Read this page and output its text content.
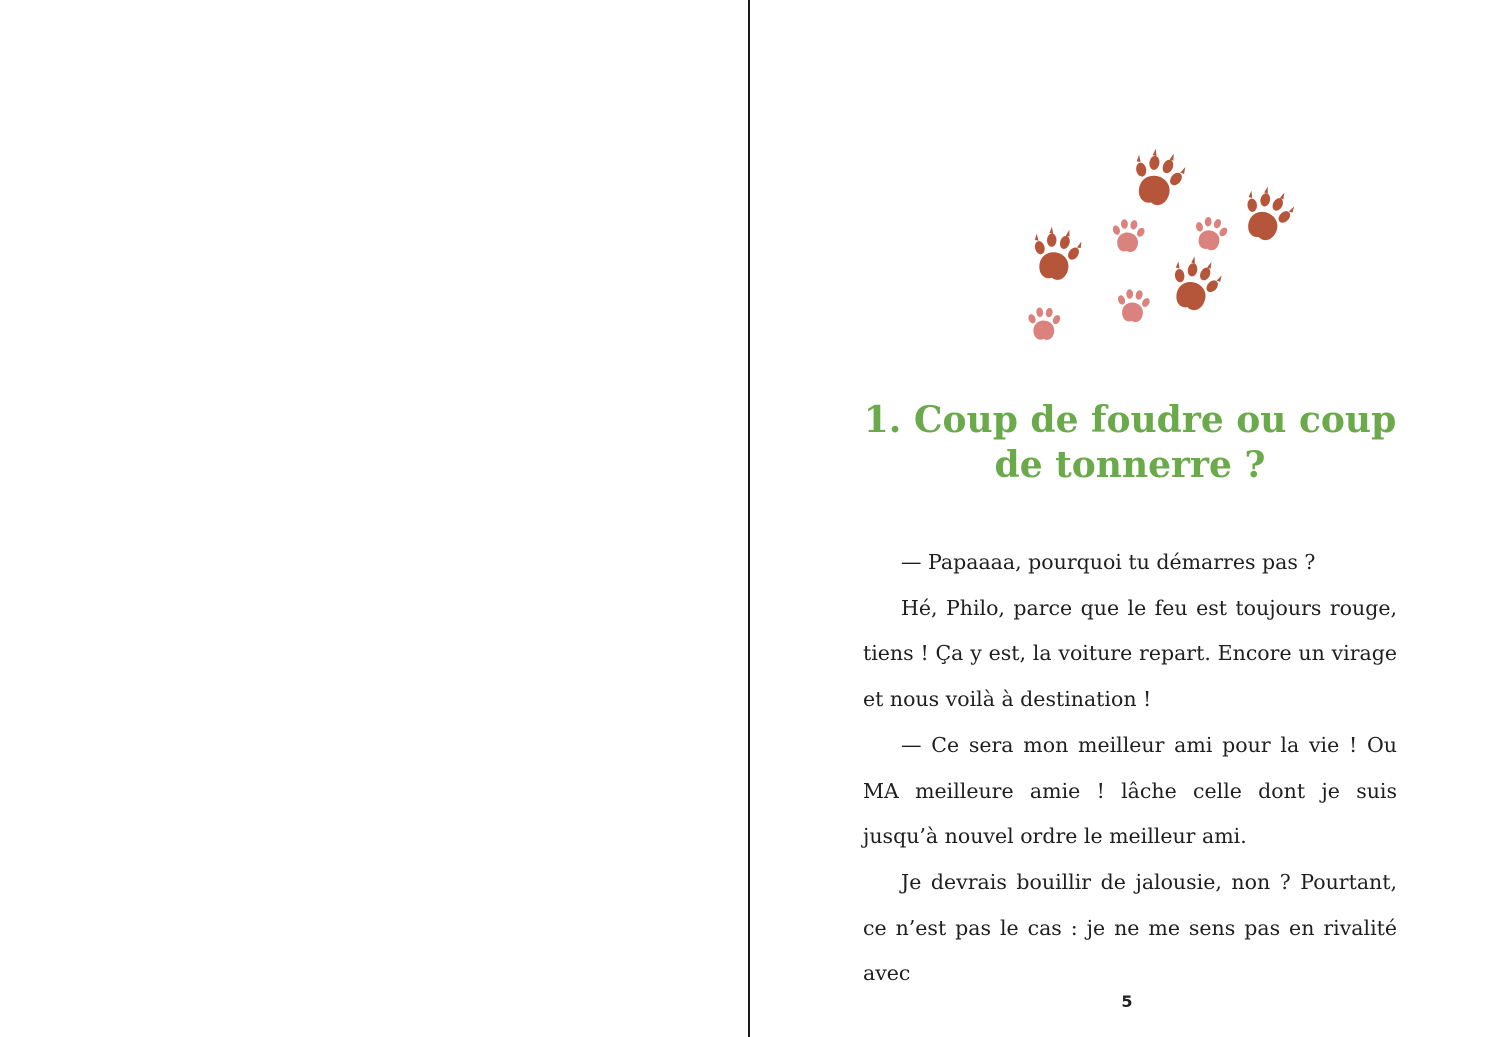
1. Coup de foudre ou coup
de tonnerre ?

— Papaaaa, pourquoi tu démarres pas ?

Hé, Philo, parce que le feu est toujours rouge, tiens ! Ça y est, la voiture repart. Encore un virage et nous voilà à destination !

— Ce sera mon meilleur ami pour la vie ! Ou MA meilleure amie ! lâche celle dont je suis jusqu’à nouvel ordre le meilleur ami.

Je devrais bouillir de jalousie, non ? Pourtant, ce n’est pas le cas : je ne me sens pas en rivalité avec

5
